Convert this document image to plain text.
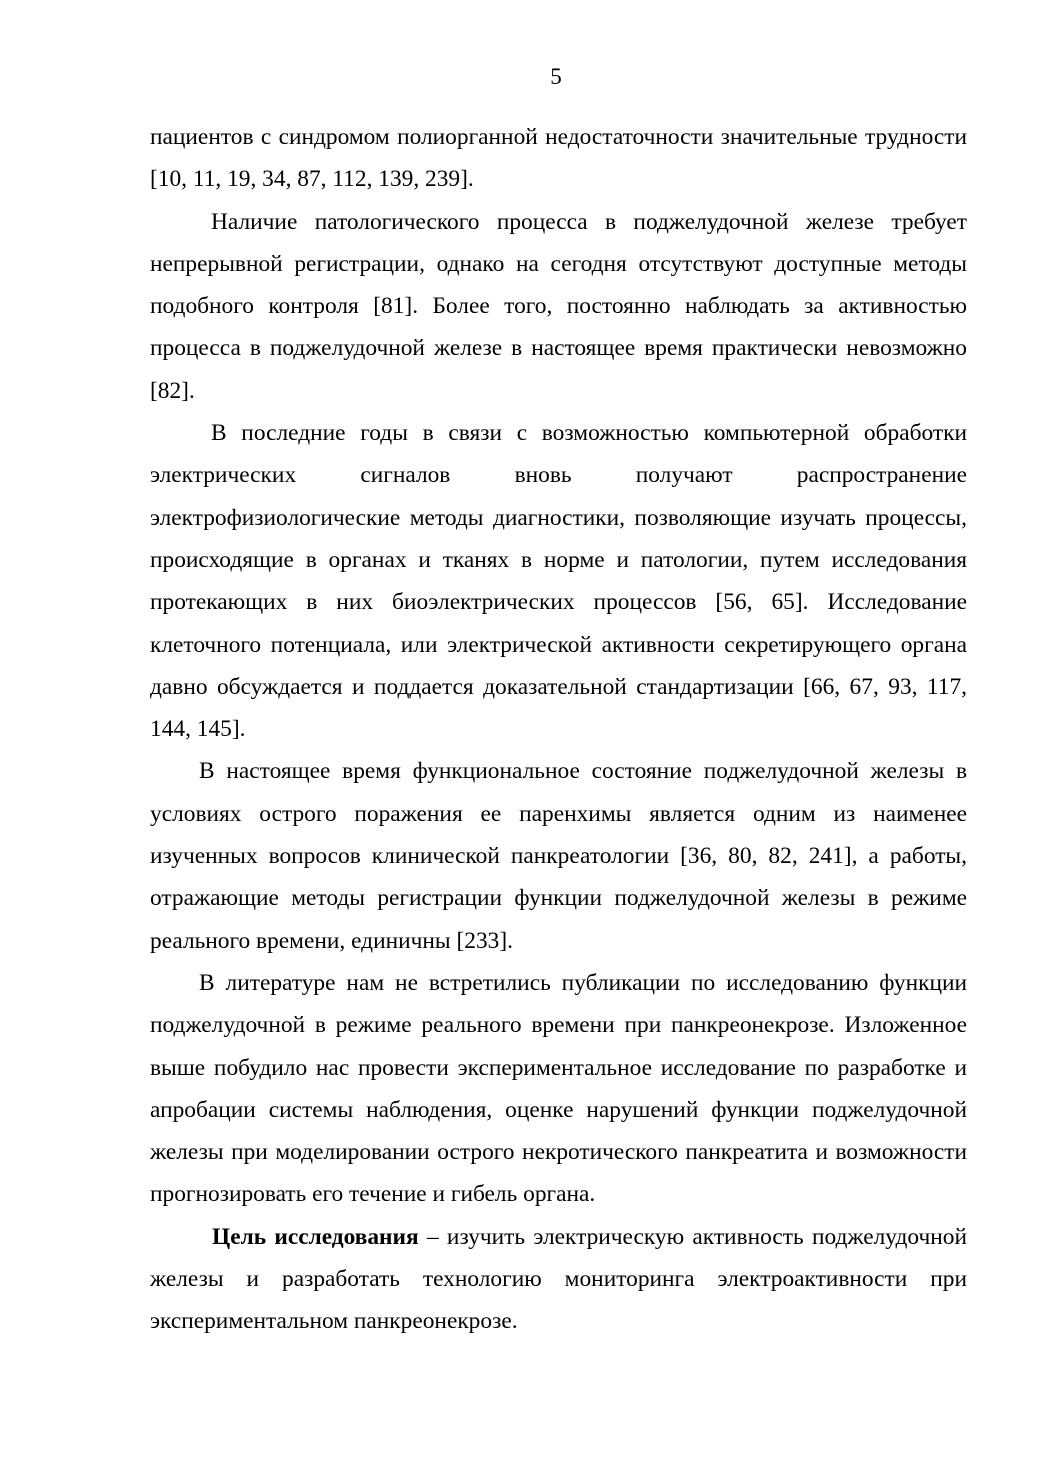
5

пациентов с синдромом полиорганной недостаточности значительные трудности [10, 11, 19, 34, 87, 112, 139, 239].

Наличие патологического процесса в поджелудочной железе требует непрерывной регистрации, однако на сегодня отсутствуют доступные методы подобного контроля [81]. Более того, постоянно наблюдать за активностью процесса в поджелудочной железе в настоящее время практически невозможно [82].

В последние годы в связи с возможностью компьютерной обработки электрических сигналов вновь получают распространение электрофизиологические методы диагностики, позволяющие изучать процессы, происходящие в органах и тканях в норме и патологии, путем исследования протекающих в них биоэлектрических процессов [56, 65]. Исследование клеточного потенциала, или электрической активности секретирующего органа давно обсуждается и поддается доказательной стандартизации [66, 67, 93, 117, 144, 145].

В настоящее время функциональное состояние поджелудочной железы в условиях острого поражения ее паренхимы является одним из наименее изученных вопросов клинической панкреатологии [36, 80, 82, 241], а работы, отражающие методы регистрации функции поджелудочной железы в режиме реального времени, единичны [233].

В литературе нам не встретились публикации по исследованию функции поджелудочной в режиме реального времени при панкреонекрозе. Изложенное выше побудило нас провести экспериментальное исследование по разработке и апробации системы наблюдения, оценке нарушений функции поджелудочной железы при моделировании острого некротического панкреатита и возможности прогнозировать его течение и гибель органа.

Цель исследования – изучить электрическую активность поджелудочной железы и разработать технологию мониторинга электроактивности при экспериментальном панкреонекрозе.
